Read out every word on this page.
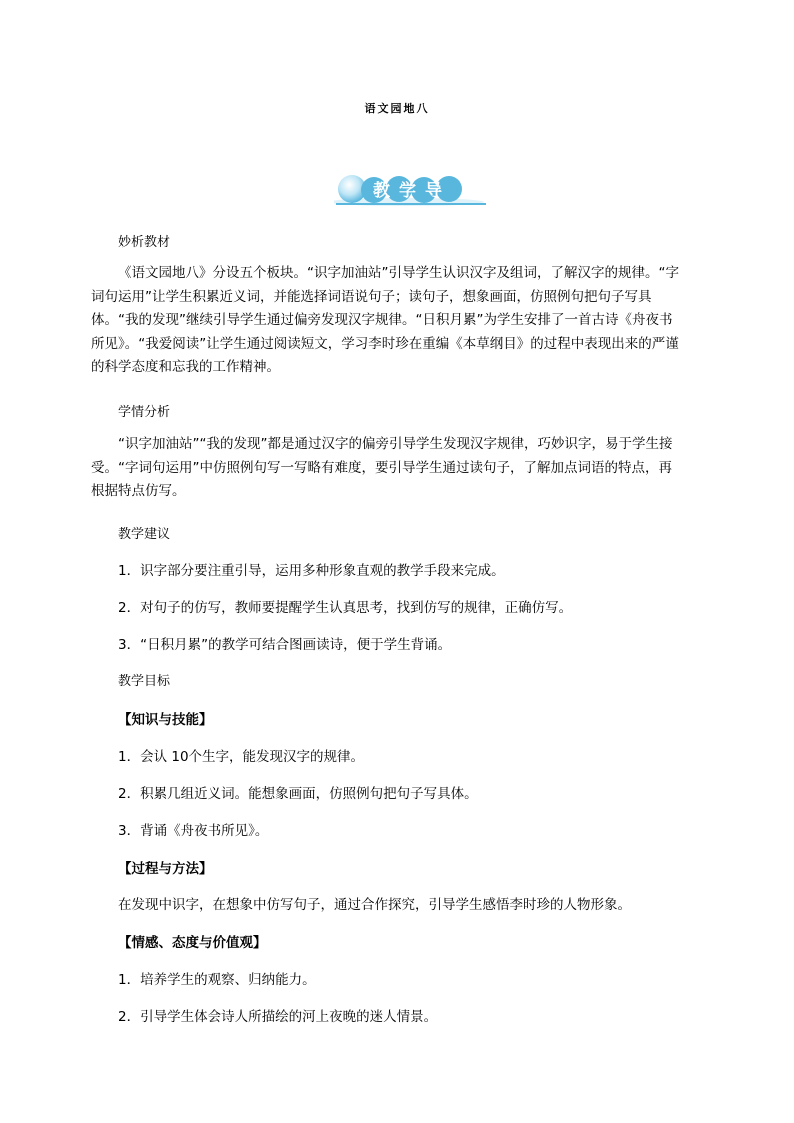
语文园地八
教学导航
妙析教材
《语文园地八》分设五个板块。“识字加油站”引导学生认识汉字及组词，了解汉字的规律。“字词句运用”让学生积累近义词，并能选择词语说句子；读句子，想象画面，仿照例句把句子写具体。“我的发现”继续引导学生通过偏旁发现汉字规律。“日积月累”为学生安排了一首古诗《舟夜书所见》。“我爱阅读”让学生通过阅读短文，学习李时珍在重编《本草纲目》的过程中表现出来的严谨的科学态度和忘我的工作精神。
学情分析
“识字加油站”“我的发现”都是通过汉字的偏旁引导学生发现汉字规律，巧妙识字，易于学生接受。“字词句运用”中仿照例句写一写略有难度，要引导学生通过读句子，了解加点词语的特点，再根据特点仿写。
教学建议
1．识字部分要注重引导，运用多种形象直观的教学手段来完成。
2．对句子的仿写，教师要提醒学生认真思考，找到仿写的规律，正确仿写。
3．“日积月累”的教学可结合图画读诗，便于学生背诵。
教学目标
【知识与技能】
1．会认 10个生字，能发现汉字的规律。
2．积累几组近义词。能想象画面，仿照例句把句子写具体。
3．背诵《舟夜书所见》。
【过程与方法】
在发现中识字，在想象中仿写句子，通过合作探究，引导学生感悟李时珍的人物形象。
【情感、态度与价值观】
1．培养学生的观察、归纳能力。
2．引导学生体会诗人所描绘的河上夜晚的迷人情景。
